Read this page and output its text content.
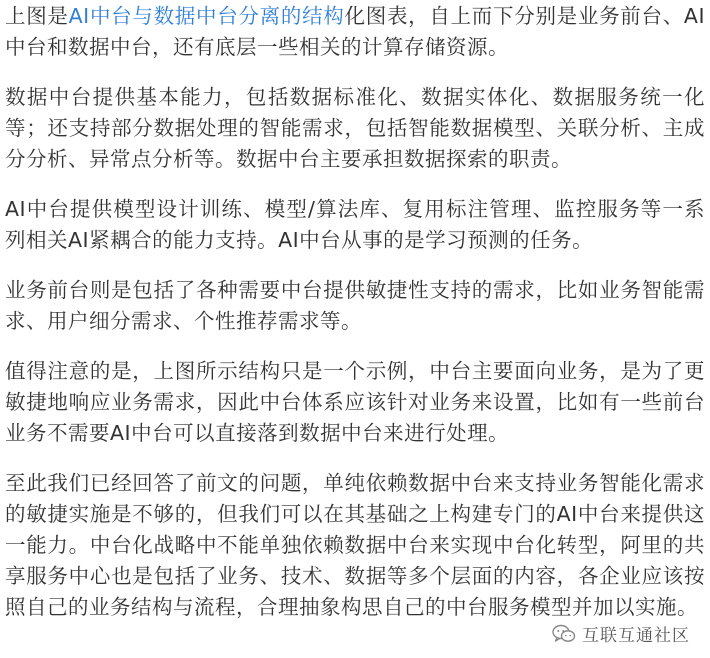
上图是AI中台与数据中台分离的结构化图表，自上而下分别是业务前台、AI中台和数据中台，还有底层一些相关的计算存储资源。

数据中台提供基本能力，包括数据标准化、数据实体化、数据服务统一化等；还支持部分数据处理的智能需求，包括智能数据模型、关联分析、主成分分析、异常点分析等。数据中台主要承担数据探索的职责。

AI中台提供模型设计训练、模型/算法库、复用标注管理、监控服务等一系列相关AI紧耦合的能力支持。AI中台从事的是学习预测的任务。

业务前台则是包括了各种需要中台提供敏捷性支持的需求，比如业务智能需求、用户细分需求、个性推荐需求等。

值得注意的是，上图所示结构只是一个示例，中台主要面向业务，是为了更敏捷地响应业务需求，因此中台体系应该针对业务来设置，比如有一些前台业务不需要AI中台可以直接落到数据中台来进行处理。

至此我们已经回答了前文的问题，单纯依赖数据中台来支持业务智能化需求的敏捷实施是不够的，但我们可以在其基础之上构建专门的AI中台来提供这一能力。中台化战略中不能单独依赖数据中台来实现中台化转型，阿里的共享服务中心也是包括了业务、技术、数据等多个层面的内容，各企业应该按照自己的业务结构与流程，合理抽象构思自己的中台服务模型并加以实施。

互联互通社区
